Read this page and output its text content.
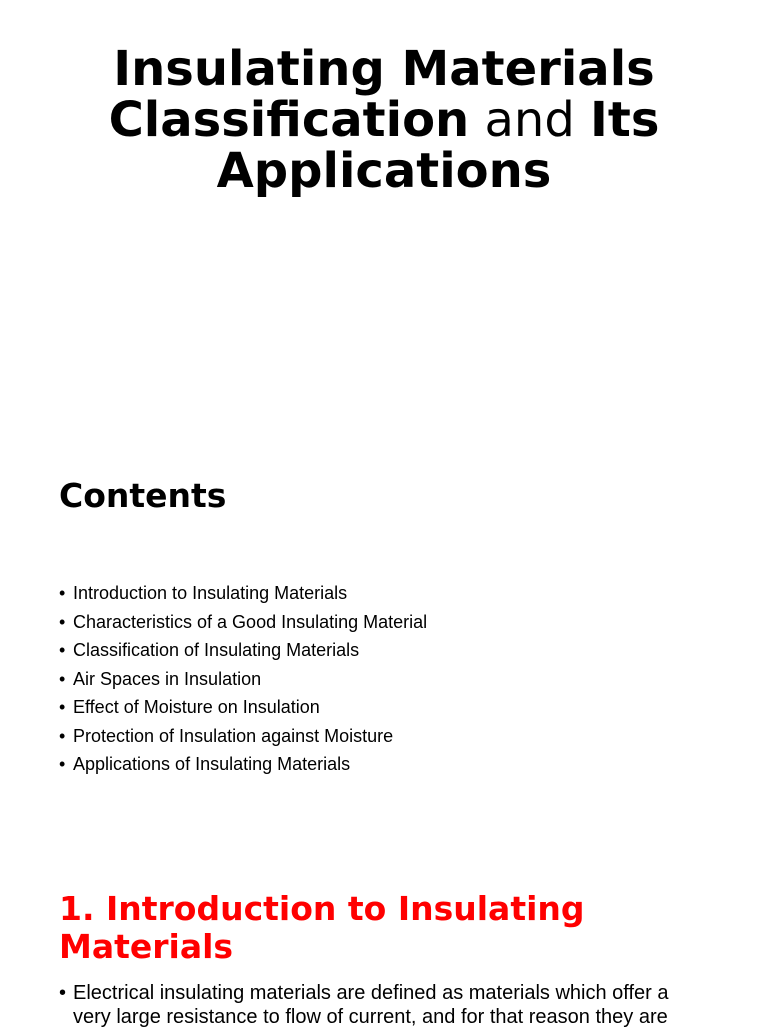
Insulating Materials
Classification and Its
Applications
Contents
• Introduction to Insulating Materials
• Characteristics of a Good Insulating Material
• Classification of Insulating Materials
• Air Spaces in Insulation
• Effect of Moisture on Insulation
• Protection of Insulation against Moisture
• Applications of Insulating Materials
1. Introduction to Insulating Materials
• Electrical insulating materials are defined as materials which offer a very large resistance to flow of current, and for that reason they are
